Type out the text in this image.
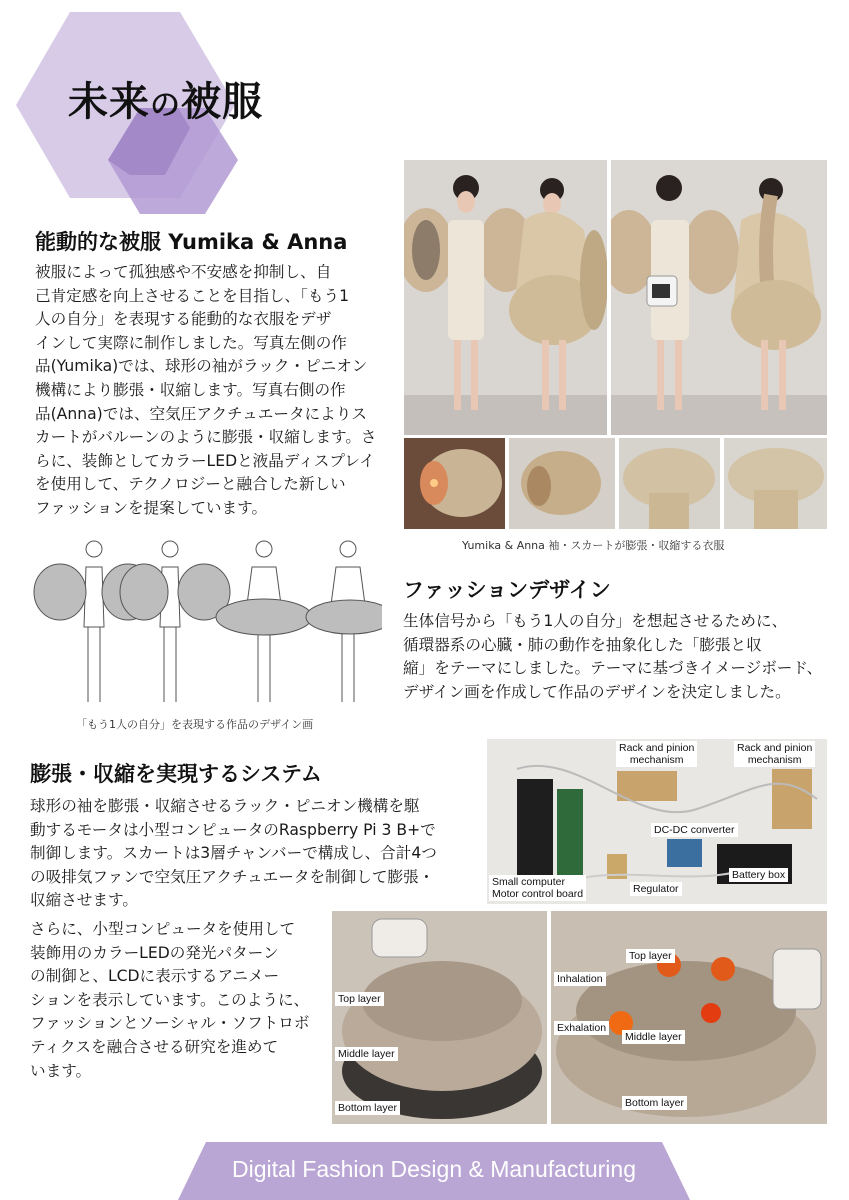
未来の被服
能動的な被服 Yumika & Anna
被服によって孤独感や不安感を抑制し、自
己肯定感を向上させることを目指し、「もう1
人の自分」を表現する能動的な衣服をデザ
インして実際に制作しました。写真左側の作
品(Yumika)では、球形の袖がラック・ピニオン
機構により膨張・収縮します。写真右側の作
品(Anna)では、空気圧アクチュエータによりス
カートがバルーンのように膨張・収縮します。さ
らに、装飾としてカラーLEDと液晶ディスプレイ
を使用して、テクノロジーと融合した新しい
ファッションを提案しています。
Yumika & Anna 袖・スカートが膨張・収縮する衣服
「もう1人の自分」を表現する作品のデザイン画
ファッションデザイン
生体信号から「もう1人の自分」を想起させるために、
循環器系の心臓・肺の動作を抽象化した「膨張と収
縮」をテーマにしました。テーマに基づきイメージボード、
デザイン画を作成して作品のデザインを決定しました。
膨張・収縮を実現するシステム
球形の袖を膨張・収縮させるラック・ピニオン機構を駆
動するモータは小型コンピュータのRaspberry Pi 3 B+で
制御します。スカートは3層チャンバーで構成し、合計4つ
の吸排気ファンで空気圧アクチュエータを制御して膨張・
収縮させます。
さらに、小型コンピュータを使用して
装飾用のカラーLEDの発光パターン
の制御と、LCDに表示するアニメー
ションを表示しています。このように、
ファッションとソーシャル・ソフトロボ
ティクスを融合させる研究を進めて
います。
Rack and pinion
mechanism
Rack and pinion
mechanism
DC-DC converter
Small computer
Motor control board	Regulator
Battery box
Top layer
Middle layer
Bottom layer
Top layer
Inhalation
Exhalation
Middle layer
Bottom layer
Digital Fashion Design & Manufacturing
